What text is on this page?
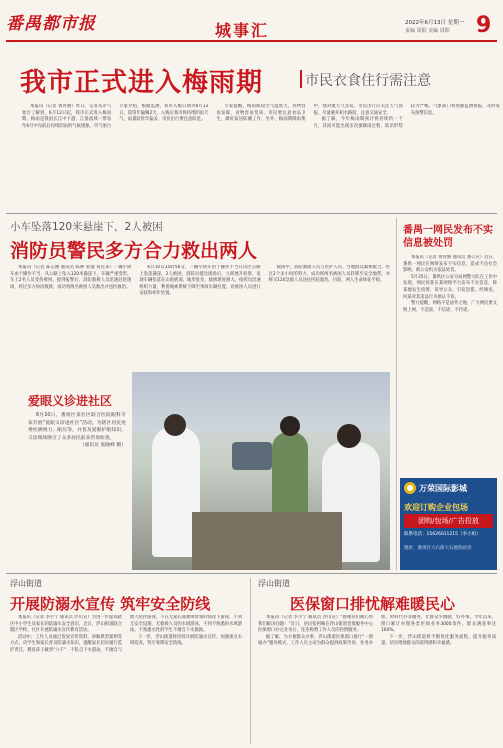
番禺都市报	城事汇	2022年6月13日 星期一
责编 周阳 美编 周阳 9
我市正式进入梅雨期	市民衣食住行需注意

本报讯（记者 黄青丽）昨日，记者从市气象台了解到，6月12日起，我市正式进入梅雨期。梅雨是我国长江中下游、江淮流域一带每年6月中旬前后持续阴雨的气候现象。市气象台专家介绍，根据监测，我市入梅日期为6月12日，较常年偏晚2天，入梅后我市将持续阴雨天气，雨量较常年偏多，市民出行要注意防范。

专家提醒，梅雨期间空气湿度大，衣物容易发霉，食物容易变质，市民要注意食品卫生，做好家居防潮工作。另外，梅雨期降雨集中，强对流天气多发，市民出行应关注天气预报，尽量避开积水路段，注意交通安全。

据了解，今年梅雨期预计将持续约一个月，其间可能出现多次强降雨过程，防汛形势较为严峻。气象部门将加强监测预报，及时发布预警信息。

小车坠落120米悬崖下，2人被困
消防员警民多方合力救出两人

本报讯（记者 陈志刚 通讯员 陈林 张强 刘先来）一辆小轿车由于操作不当，从公路上坠入120米悬崖下，车辆严重变形，车上2名人员受伤被困。接到报警后，消防救援人员迅速赶赴现场，经过多方协同救援，成功将两名被困人员救出并送医救治。

6月10日15时56分，一辆小轿车由于操作不当在山区公路上坠落悬崖，2人被困。消防员抵达现场后，立即展开侦察，发现车辆坠落在山崖底部，地形复杂，救援难度极大。指挥员迅速组织力量，利用绳索系统下降至事故车辆位置，对被困人员进行安抚和初步处置。

救援中，消防救援人员与医护人员、当地群众紧密配合，经过2个多小时的努力，成功将两名被困人员转移至安全地带，并移交120急救人员送往医院救治。目前，两人生命体征平稳。

番禺一网民发布不实信息被处罚

本报讯（记者 黄青丽 通讯员 番公宣）近日，番禺一网民在网络发布不实信息，造成不良社会影响，被公安机关依法处罚。

5月25日，番禺区公安分局网警大队在工作中发现，网民何某在某网络平台发布不实信息，称某地发生疫情，误导公众，引发恐慌。经调查，何某对其违法行为供认不讳。

警方提醒，网络不是法外之地，广大网民要文明上网，不造谣、不信谣、不传谣。

万荣国际影城
欢迎订购企业包场
团购/包场/广告投放
联系电话：15626011215（李小姐）
地址：番禺区大石街大石地铁站旁
爱眼义诊进社区

6月10日，番禺区某社区联合医院眼科专家开展“爱眼义诊进社区”活动，为辖区居民免费检测视力、眼压等，并普及爱眼护眼知识。义诊现场吸引了众多居民前来咨询检查。

（通讯员 张晓峰 摄）

浮山街道
开展防溺水宣传 筑牢安全防线

本报讯（记者 李小宁 通讯员 浮山宣）为进一步提高辖区中小学生及家长的防溺水安全意识，近日，浮山街道联合辖区学校、社区开展防溺水宣传教育活动。

活动中，工作人员通过发放宣传资料、讲解典型案例等方式，向学生和家长普及防溺水知识，提醒家长切实履行监护责任，教育孩子做到“六不”：不私自下水游泳，不擅自与他人结伴游泳，不在无家长或教师带领的情况下游泳，不到无安全设施、无救援人员的水域游泳，不到不熟悉的水域游泳，不熟悉水性的学生不擅自下水施救。

下一步，浮山街道将持续开展防溺水宣传，加强重点水域巡查，筑牢暑期安全防线。

浮山街道
医保窗口排忧解难暖民心

本报讯（记者 李小宁 通讯员 浮山宣）“感谢你们耐心帮我们解决问题！”近日，居民张阿姨在浮山街道党群服务中心医保窗口办完业务后，连连称赞工作人员的热情服务。

据了解，为方便群众办事，浮山街道医保窗口推行“一窗通办”服务模式，工作人员主动为群众提供政策咨询、业务办理、材料代办等服务，让群众少跑腿、好办事。今年以来，窗口累计办理各类医保业务3000余件，群众满意率达100%。

下一步，浮山街道将不断优化服务流程，提升服务质量，切实增强群众的获得感和幸福感。
